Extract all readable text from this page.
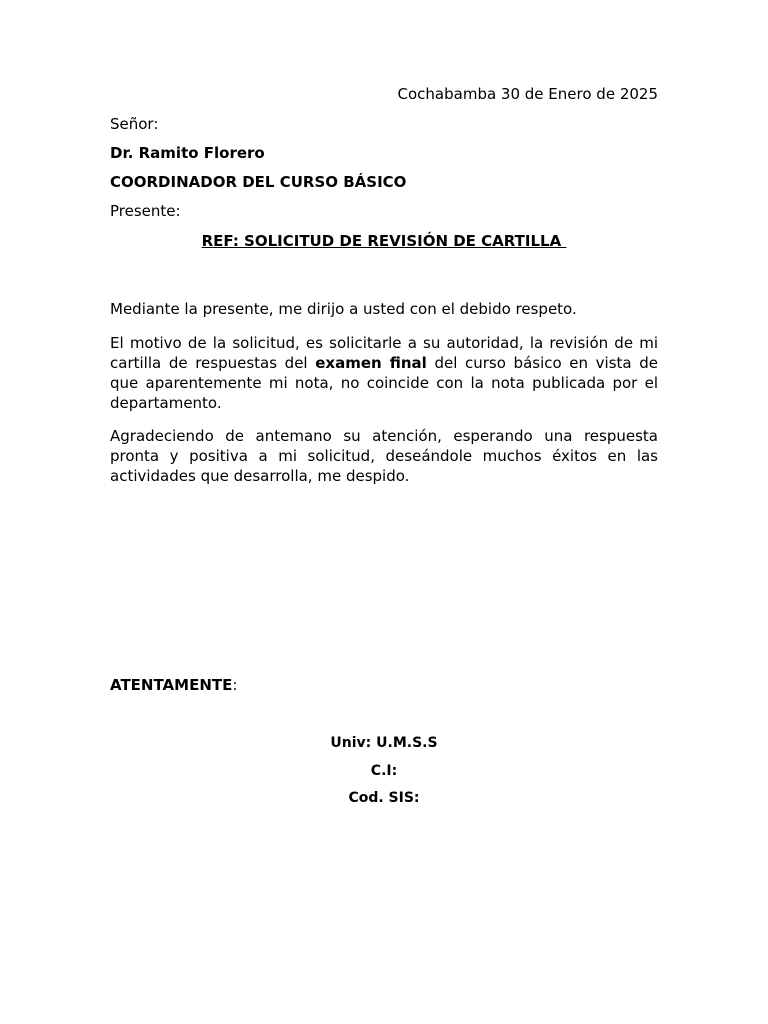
Cochabamba 30 de Enero de 2025
Señor:
Dr. Ramito Florero
COORDINADOR DEL CURSO BÁSICO
Presente:
REF: SOLICITUD DE REVISIÓN DE CARTILLA
Mediante la presente, me dirijo a usted con el debido respeto.
El motivo de la solicitud, es solicitarle a su autoridad, la revisión de mi cartilla de respuestas del examen final del curso básico en vista de que aparentemente mi nota, no coincide con la nota publicada por el departamento.
Agradeciendo de antemano su atención, esperando una respuesta pronta y positiva a mi solicitud, deseándole muchos éxitos en las actividades que desarrolla, me despido.
ATENTAMENTE:
Univ: U.M.S.S
C.I:
Cod. SIS:
